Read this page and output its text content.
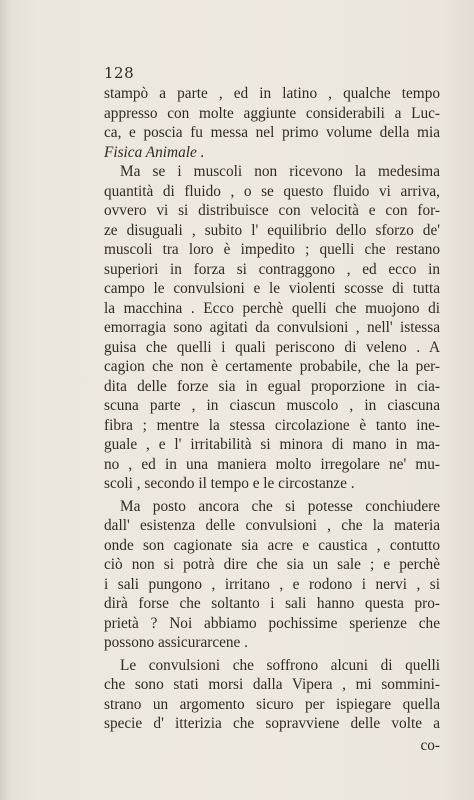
128
stampò a parte , ed in latino , qualche tempo
appresso con molte aggiunte considerabili a Luc-
ca, e poscia fu messa nel primo volume della mia
Fisica Animale .
Ma se i muscoli non ricevono la medesima
quantità di fluido , o se questo fluido vi arriva,
ovvero vi si distribuisce con velocità e con for-
ze disuguali , subito l' equilibrio dello sforzo de'
muscoli tra loro è impedito ; quelli che restano
superiori in forza si contraggono , ed ecco in
campo le convulsioni e le violenti scosse di tutta
la macchina . Ecco perchè quelli che muojono di
emorragia sono agitati da convulsioni , nell' istessa
guisa che quelli i quali periscono di veleno . A
cagion che non è certamente probabile, che la per-
dita delle forze sia in egual proporzione in cia-
scuna parte , in ciascun muscolo , in ciascuna
fibra ; mentre la stessa circolazione è tanto ine-
guale , e l' irritabilità si minora di mano in ma-
no , ed in una maniera molto irregolare ne' mu-
scoli , secondo il tempo e le circostanze .
Ma posto ancora che si potesse conchiudere
dall' esistenza delle convulsioni , che la materia
onde son cagionate sia acre e caustica , contutto
ciò non si potrà dire che sia un sale ; e perchè
i sali pungono , irritano , e rodono i nervi , si
dirà forse che soltanto i sali hanno questa pro-
prietà ? Noi abbiamo pochissime sperienze che
possono assicurarcene .
Le convulsioni che soffrono alcuni di quelli
che sono stati morsi dalla Vipera , mi sommini-
strano un argomento sicuro per ispiegare quella
specie d' itterizia che sopravviene delle volte a
co-
